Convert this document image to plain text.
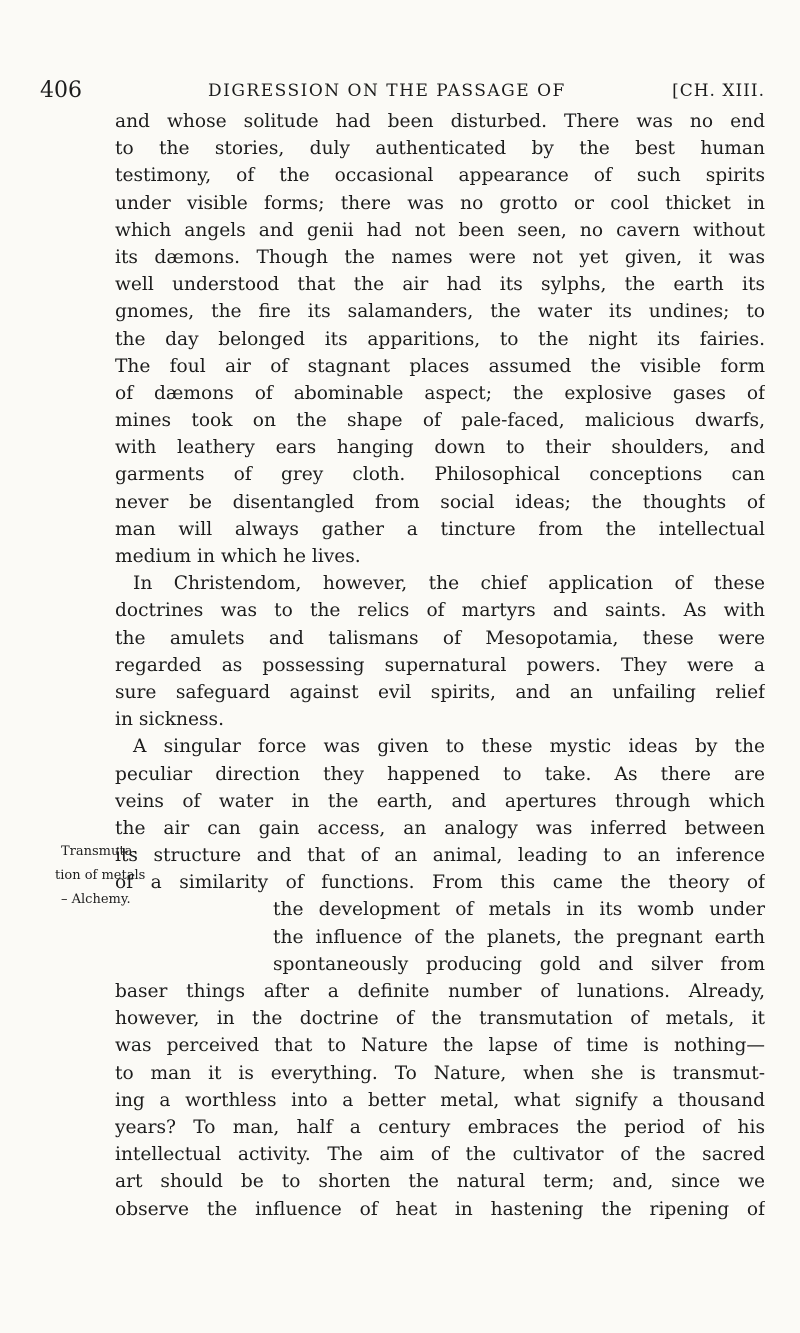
406	DIGRESSION ON THE PASSAGE OF	[CH. XIII.
Transmuta-
tion of metals
– Alchemy.
and whose solitude had been disturbed. There was no end
to the stories, duly authenticated by the best human
testimony, of the occasional appearance of such spirits
under visible forms; there was no grotto or cool thicket in
which angels and genii had not been seen, no cavern without
its dæmons. Though the names were not yet given, it was
well understood that the air had its sylphs, the earth its
gnomes, the fire its salamanders, the water its undines; to
the day belonged its apparitions, to the night its fairies.
The foul air of stagnant places assumed the visible form
of dæmons of abominable aspect; the explosive gases of
mines took on the shape of pale-faced, malicious dwarfs,
with leathery ears hanging down to their shoulders, and
garments of grey cloth. Philosophical conceptions can
never be disentangled from social ideas; the thoughts of
man will always gather a tincture from the intellectual
medium in which he lives.
In Christendom, however, the chief application of these
doctrines was to the relics of martyrs and saints. As with
the amulets and talismans of Mesopotamia, these were
regarded as possessing supernatural powers. They were a
sure safeguard against evil spirits, and an unfailing relief
in sickness.
A singular force was given to these mystic ideas by the
peculiar direction they happened to take. As there are
veins of water in the earth, and apertures through which
the air can gain access, an analogy was inferred between
its structure and that of an animal, leading to an inference
of a similarity of functions. From this came the theory of
the development of metals in its womb under
the influence of the planets, the pregnant earth
spontaneously producing gold and silver from
baser things after a definite number of lunations. Already,
however, in the doctrine of the transmutation of metals, it
was perceived that to Nature the lapse of time is nothing—
to man it is everything. To Nature, when she is transmut-
ing a worthless into a better metal, what signify a thousand
years? To man, half a century embraces the period of his
intellectual activity. The aim of the cultivator of the sacred
art should be to shorten the natural term; and, since we
observe the influence of heat in hastening the ripening of
